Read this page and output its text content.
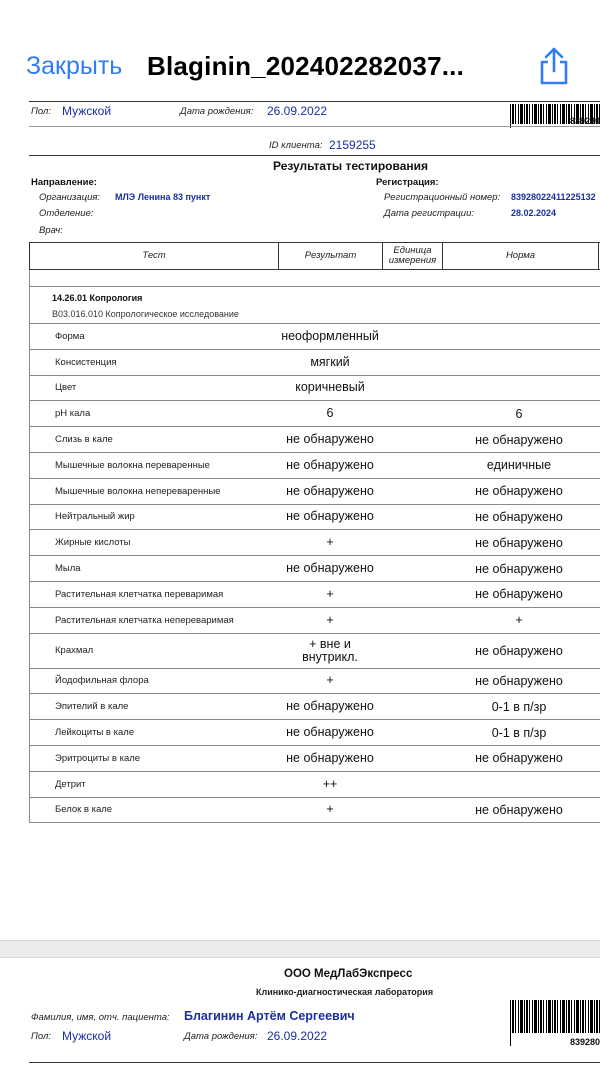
Закрыть Blaginin_202402282037...
Пол: Мужской	Дата рождения: 26.09.2022
839280
ID клиента: 2159255
Результаты тестирования
Направление:
Организация: МЛЭ Ленина 83 пункт
Отделение:
Врач:
Регистрация:
Регистрационный номер: 83928022411225132
Дата регистрации:	28.02.2024
Тест	Результат	Единица
измерения	Норма
14.26.01 Копрология
B03.016.010 Копрологическое исследование
Форма	неоформленный
Консистенция	мягкий
Цвет	коричневый
pH кала	6	6
Слизь в кале	не обнаружено	не обнаружено
Мышечные волокна переваренные	не обнаружено	единичные
Мышечные волокна непереваренные	не обнаружено	не обнаружено
Нейтральный жир	не обнаружено	не обнаружено
Жирные кислоты	+	не обнаружено
Мыла	не обнаружено	не обнаружено
Растительная клетчатка переваримая	+	не обнаружено
Растительная клетчатка непереваримая	+	+
Крахмал	+ вне и внутрикл.	не обнаружено
Йодофильная флора	+	не обнаружено
Эпителий в кале	не обнаружено	0-1 в п/зр
Лейкоциты в кале	не обнаружено	0-1 в п/зр
Эритроциты в кале	не обнаружено	не обнаружено
Детрит	++
Белок в кале	+	не обнаружено
ООО МедЛабЭкспресс
Клинико-диагностическая лаборатория
Фамилия, имя, отч. пациента: Благинин Артём Сергеевич
Пол: Мужской	Дата рождения: 26.09.2022	839280
